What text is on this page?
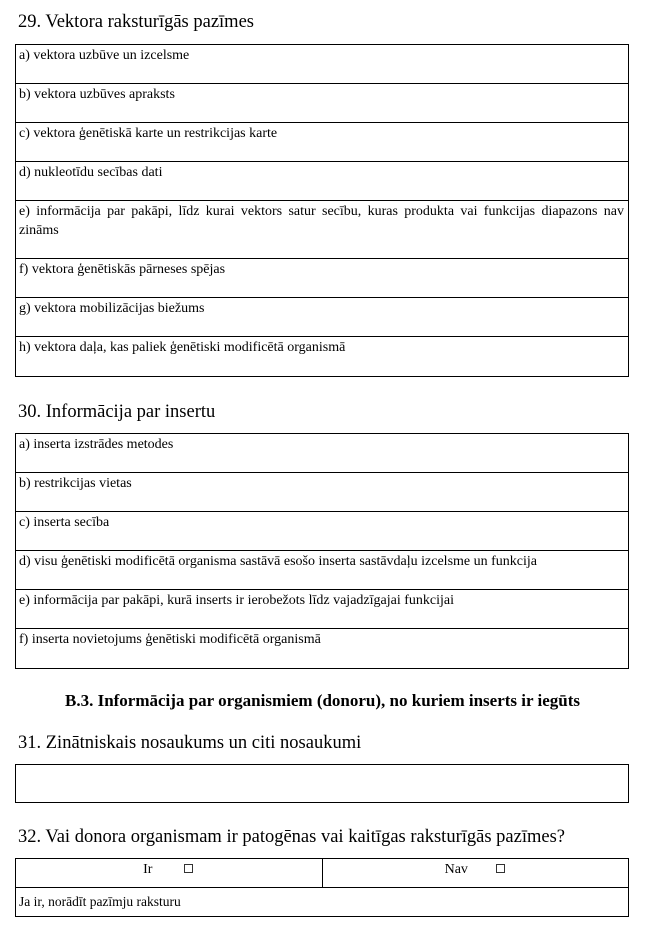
29. Vektora raksturīgās pazīmes
a) vektora uzbūve un izcelsme
b) vektora uzbūves apraksts
c) vektora ģenētiskā karte un restrikcijas karte
d) nukleotīdu secības dati
e) informācija par pakāpi, līdz kurai vektors satur secību, kuras produkta vai funkcijas diapazons nav zināms
f) vektora ģenētiskās pārneses spējas
g) vektora mobilizācijas biežums
h) vektora daļa, kas paliek ģenētiski modificētā organismā
30. Informācija par insertu
a) inserta izstrādes metodes
b) restrikcijas vietas
c) inserta secība
d) visu ģenētiski modificētā organisma sastāvā esošo inserta sastāvdaļu izcelsme un funkcija
e) informācija par pakāpi, kurā inserts ir ierobežots līdz vajadzīgajai funkcijai
f) inserta novietojums ģenētiski modificētā organismā
B.3. Informācija par organismiem (donoru), no kuriem inserts ir iegūts
31. Zinātniskais nosaukums un citi nosaukumi
32. Vai donora organismam ir patogēnas vai kaitīgas raksturīgās pazīmes?
Ir	Nav
Ja ir, norādīt pazīmju raksturu
